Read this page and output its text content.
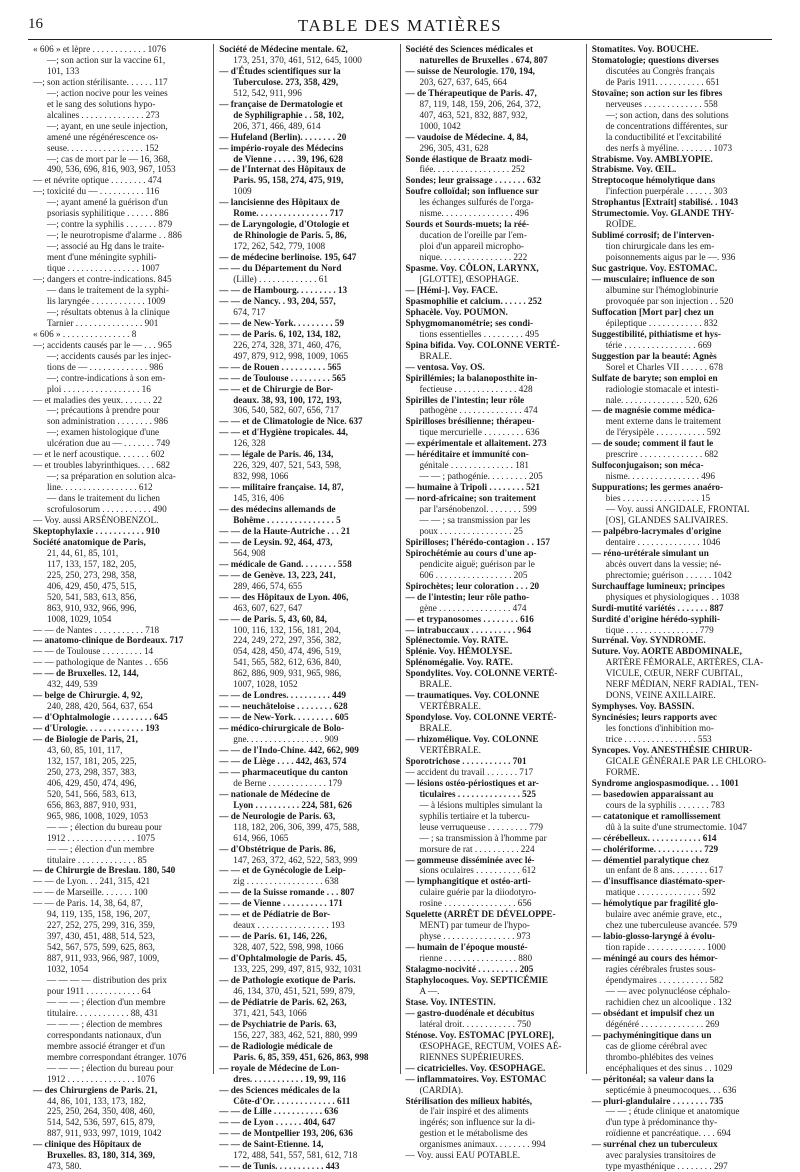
16	TABLE DES MATIÈRES
« 606 » et lèpre . . . . . . . . . . . . 1076
—; son action sur la vaccine 61,
101, 133
—; son action stérilisante. . . . . . 117
—; action nocive pour les veines
et le sang des solutions hypo-
alcalines . . . . . . . . . . . . . . 273
—; ayant, en une seule injection,
amené une régénérescence os-
seuse. . . . . . . . . . . . . . . . . 152
—; cas de mort par le — 16, 368,
490, 536, 696, 816, 903, 967, 1053
— et névrite optique . . . . . . . . 474
—; toxicité du — . . . . . . . . . . 116
—; ayant amené la guérison d'un
psoriasis syphilitique . . . . . . 886
—; contre la syphilis . . . . . . . 879
—; le neurotropisme d'alarme . . 886
—; associé au Hg dans le traite-
ment d'une méningite syphili-
tique . . . . . . . . . . . . . . . . 1007
—; dangers et contre-indications. 845
— dans le traitement de la syphi-
lis laryngée . . . . . . . . . . . . 1009
—; résultats obtenus à la clinique
Tarnier . . . . . . . . . . . . . . . 901
« 606 » . . . . . . . . . . . . . . . 8
—; accidents causés par le — . . . 965
—; accidents causés par les injec-
tions de — . . . . . . . . . . . . . 986
—; contre-indications à son em-
ploi . . . . . . . . . . . . . . . . . 16
— et maladies des yeux. . . . . . . 22
—; précautions à prendre pour
son administration . . . . . . . . 986
—; examen histologique d'une
ulcération due au — . . . . . . . 749
— et le nerf acoustique. . . . . . . 602
— et troubles labyrinthiques. . . . 682
—; sa préparation en solution alca-
line. . . . . . . . . . . . . . . . . 612
— dans le traitement du lichen
scrofulosorum . . . . . . . . . . . 490
— Voy. aussi ARSÉNOBENZOL.
Skeptophylaxie . . . . . . . . . . . 910
Société anatomique de Paris,
21, 44, 61, 85, 101,
117, 133, 157, 182, 205,
225, 250, 273, 298, 358,
406, 429, 450, 475, 515,
520, 541, 583, 613, 856,
863, 910, 932, 966, 996,
1008, 1029, 1054
— — de Nantes . . . . . . . . . . . 718
— anatomo-clinique de Bordeaux. 717
— — de Toulouse . . . . . . . . . 14
— — pathologique de Nantes . . 656
— — de Bruxelles. 12, 144,
432, 449, 539
— belge de Chirurgie. 4, 92,
240, 288, 420, 564, 637, 654
— d'Ophtalmologie . . . . . . . . . 645
— d'Urologie. . . . . . . . . . . . . 193
— de Biologie de Paris, 21,
43, 60, 85, 101, 117,
132, 157, 181, 205, 225,
250, 273, 298, 357, 383,
406, 429, 450, 474, 496,
520, 541, 566, 583, 613,
656, 863, 887, 910, 931,
965, 986, 1008, 1029, 1053
— — ; élection du bureau pour
1912 . . . . . . . . . . . . . . . 1075
— — ; élection d'un membre
titulaire . . . . . . . . . . . . . 85
— de Chirurgie de Breslau. 180, 540
— — de Lyon. . . 241, 315, 421
— — de Marseille. . . . . . . 100
— — de Paris. 14, 38, 64, 87,
94, 119, 135, 158, 196, 207,
227, 252, 275, 299, 316, 359,
397, 430, 451, 488, 514, 523,
542, 567, 575, 599, 625, 863,
887, 911, 933, 966, 987, 1009,
1032, 1054
— — — — distribution des prix
pour 1911 . . . . . . . . . . . . 64
— — — ; élection d'un membre
titulaire. . . . . . . . . . . . 88, 431
— — — ; élection de membres
correspondants nationaux, d'un
membre associé étranger et d'un
membre correspondant étranger. 1076
— — — ; élection du bureau pour
1912 . . . . . . . . . . . . . . . 1076
— des Chirurgiens de Paris. 21,
44, 86, 101, 133, 173, 182,
225, 250, 264, 350, 408, 460,
514, 542, 536, 597, 615, 879,
887, 911, 933, 997, 1019, 1042
— clinique des Hôpitaux de
Bruxelles. 83, 180, 314, 369,
473, 580.
Société de Médecine mentale. 62,
173, 251, 370, 461, 512, 645, 1000
— d'Études scientifiques sur la
Tuberculose. 273, 358, 429,
512, 542, 911, 996
— française de Dermatologie et
de Syphiligraphie . . 58, 102,
206, 371, 466, 489, 614
— Hufeland (Berlin). . . . . . . . 20
— império-royale des Médecins
de Vienne . . . . . 39, 196, 628
— de l'Internat des Hôpitaux de
Paris. 95, 158, 274, 475, 919,
1009
— lancisienne des Hôpitaux de
Rome. . . . . . . . . . . . . . . . 717
— de Laryngologie, d'Otologie et
de Rhinologie de Paris. 5, 86,
172, 262, 542, 779, 1008
— de médecine berlinoise. 195, 647
— — du Département du Nord
(Lille) . . . . . . . . . . . . . 61
— — de Hambourg. . . . . . . . . 13
— — de Nancy. . 93, 204, 557,
674, 717
— — de New-York. . . . . . . . . 59
— — de Paris. 6, 102, 134, 182,
226, 274, 328, 371, 460, 476,
497, 879, 912, 998, 1009, 1065
— — de Rouen . . . . . . . . . . 565
— — de Toulouse . . . . . . . . . 565
— — et de Chirurgie de Bor-
deaux. 38, 93, 100, 172, 193,
306, 540, 582, 607, 656, 717
— — et de Climatologie de Nice. 637
— — et d'Hygiène tropicales. 44,
126, 328
— — légale de Paris. 46, 134,
226, 329, 407, 521, 543, 598,
832, 998, 1066
— — militaire française. 14, 87,
145, 316, 406
— des médecins allemands de
Bohême . . . . . . . . . . . . . . . 5
— — de la Haute-Autriche . . . 21
— — de Leysin. 92, 464, 473,
564, 908
— médicale de Gand. . . . . . . . 558
— — de Genève. 13, 223, 241,
289, 466, 574, 655
— — des Hôpitaux de Lyon. 406,
463, 607, 627, 647
— — de Paris. 5, 43, 60, 84,
100, 116, 132, 156, 181, 204,
224, 249, 272, 297, 356, 382,
054, 428, 450, 474, 496, 519,
541, 565, 582, 612, 636, 840,
862, 886, 909, 931, 965, 986,
1007, 1028, 1052
— — de Londres. . . . . . . . . . 449
— — neuchâteloise . . . . . . . . 628
— — de New-York. . . . . . . . . 605
— médico-chirurgicale de Bolo-
gne. . . . . . . . . . . . . . . . . 909
— — de l'Indo-Chine. 442, 662, 909
— — de Liège . . . . 442, 463, 574
— — pharmaceutique du canton
de Berne . . . . . . . . . . . . . 179
— nationale de Médecine de
Lyon . . . . . . . . . . 224, 581, 626
— de Neurologie de Paris. 63,
118, 182, 206, 306, 399, 475, 588,
614, 966, 1065
— d'Obstétrique de Paris. 86,
147, 263, 372, 462, 522, 583, 999
— — et de Gynécologie de Leip-
zig . . . . . . . . . . . . . . . . . 638
— — de la Suisse romande . . . 807
— — de Vienne . . . . . . . . . . 171
— — et de Pédiatrie de Bor-
deaux . . . . . . . . . . . . . . . . 193
— — de Paris. 61, 146, 226,
328, 407, 522, 598, 998, 1066
— d'Ophtalmologie de Paris. 45,
133, 225, 299, 497, 815, 932, 1031
— de Pathologie exotique de Paris.
46, 134, 370, 451, 521, 599, 879,
— de Pédiatrie de Paris. 62, 263,
371, 421, 543, 1066
— de Psychiatrie de Paris. 63,
156, 227, 383, 462, 521, 880, 999
— de Radiologie médicale de
Paris. 6, 85, 359, 451, 626, 863, 998
— royale de Médecine de Lon-
dres. . . . . . . . . . . . 19, 99, 116
— des Sciences médicales de la
Côte-d'Or. . . . . . . . . . . . . . 611
— — de Lille . . . . . . . . . . . 636
— — de Lyon . . . . . . 404, 647
— — de Montpellier 193, 206, 636
— — de Saint-Etienne. 14,
172, 488, 541, 557, 581, 612, 718
— — de Tunis. . . . . . . . . . . 443
Société des Sciences médicales et
naturelles de Bruxelles . 674, 807
— suisse de Neurologie. 170, 194,
203, 627, 637, 645, 664
— de Thérapeutique de Paris. 47,
87, 119, 148, 159, 206, 264, 372,
407, 463, 521, 832, 887, 932,
1000, 1042
— vaudoise de Médecine. 4, 84,
296, 305, 431, 628
Sonde élastique de Braatz modi-
fiée. . . . . . . . . . . . . . . . . 252
Sondes; leur graissage . . . . . . . 632
Soufre colloïdal; son influence sur
les échanges sulfurés de l'orga-
nisme. . . . . . . . . . . . . . . . 496
Sourds et Sourds-muets; la réé-
ducation de l'oreille par l'em-
ploi d'un appareil micropho-
nique. . . . . . . . . . . . . . . . 222
Spasme. Voy. CÔLON, LARYNX,
[GLOTTE], ŒSOPHAGE.
— [Hémi-]. Voy. FACE.
Spasmophilie et calcium. . . . . . 252
Sphacèle. Voy. POUMON.
Sphygmomanométrie; ses condi-
tions essentielles . . . . . . . . . 495
Spina bifida. Voy. COLONNE VERTÉ-
BRALE.
— ventosa. Voy. OS.
Spirillémies; la balanoposthite in-
fectieuse . . . . . . . . . . . . . . 428
Spirilles de l'intestin; leur rôle
pathogène . . . . . . . . . . . . . . 474
Spirilloses brésilienne; thérapeu-
tique mercurielle . . . . . . . . . 636
— expérimentale et allaitement. 273
— héréditaire et immunité con-
génitale . . . . . . . . . . . . . . 181
— — ; pathogénie. . . . . . . . . 205
— humaine à Tripoli . . . . . . . . 521
— nord-africaine; son traitement
par l'arsénobenzol. . . . . . . . 599
— — ; sa transmission par les
poux . . . . . . . . . . . . . . . . 25
Spirilloses; l'hérédo-contagion . . 157
Spirochétémie au cours d'une ap-
pendicite aiguë; guérison par le
606 . . . . . . . . . . . . . . . . . 205
Spirochètes; leur coloration . . . 20
— de l'intestin; leur rôle patho-
gène . . . . . . . . . . . . . . . . 474
— et trypanosomes . . . . . . . . 616
— intrabuccaux . . . . . . . . . . 964
Splénectomie. Voy. RATE.
Splénie. Voy. HÉMOLYSE.
Splénomégalie. Voy. RATE.
Spondylites. Voy. COLONNE VERTÉ-
BRALE.
— traumatiques. Voy. COLONNE
VERTÉBRALE.
Spondylose. Voy. COLONNE VERTÉ-
BRALE.
— rhizomélique. Voy. COLONNE
VERTÉBRALE.
Sporotrichose . . . . . . . . . . . 701
— accident du travail . . . . . . . 717
— lésions ostéo-périostiques et ar-
ticulaires . . . . . . . . . . . . . . 525
— à lésions multiples simulant la
syphilis tertiaire et la tubercu-
leuse verruqueuse . . . . . . . . . 779
— ; sa transmission à l'homme par
morsure de rat . . . . . . . . . . 224
— gommeuse disséminée avec lé-
sions oculaires . . . . . . . . . . 612
— lymphangitique et ostéo-arti-
culaire guérie par la diiodotyro-
rosine . . . . . . . . . . . . . . . . 656
Squelette (ARRÊT DE DÉVELOPPE-
MENT) par tumeur de l'hypo-
physe . . . . . . . . . . . . . . . . 973
— humain de l'époque mousté-
rienne . . . . . . . . . . . . . . . . 880
Stalagmo-nocivité . . . . . . . . . 205
Staphylocoques. Voy. SEPTICÉMIE
A —.
Stase. Voy. INTESTIN.
— gastro-duodénale et décubitus
latéral droit. . . . . . . . . . . . 750
Sténose. Voy. ESTOMAC [PYLORE],
ŒSOPHAGE, RECTUM, VOIES AÉ-
RIENNES SUPÉRIEURES.
— cicatricielles. Voy. ŒSOPHAGE.
— inflammatoires. Voy. ESTOMAC
(CARDIA).
Stérilisation des milieux habités,
de l'air inspiré et des aliments
ingérés; son influence sur la di-
gestion et le métabolisme des
organismes animaux. . . . . . . . 994
— Voy. aussi EAU POTABLE.
Stomatites. Voy. BOUCHE.
Stomatologie; questions diverses
discutées au Congrès français
de Paris 1911. . . . . . . . . . . 651
Stovaïne; son action sur les fibres
nerveuses . . . . . . . . . . . . . 558
—; son action, dans des solutions
de concentrations différentes, sur
la conductibilité et l'excitabilité
des nerfs à myéline. . . . . . . . 1073
Strabisme. Voy. AMBLYOPIE.
Strabisme. Voy. ŒIL.
Streptocoque hémolytique dans
l'infection puerpérale . . . . . . 303
Strophantus [Extrait] stabilisé. . 1043
Strumectomie. Voy. GLANDE THY-
ROÏDE.
Sublimé corrosif; de l'interven-
tion chirurgicale dans les em-
poisonnements aigus par le —. 936
Suc gastrique. Voy. ESTOMAC.
— musculaire; influence de son
albumine sur l'hémoglobinurie
provoquée par son injection . . 520
Suffocation [Mort par] chez un
épileptique . . . . . . . . . . . . 832
Suggestibilité, pithiatisme et hys-
térie . . . . . . . . . . . . . . . . 669
Suggestion par la beauté: Agnès
Sorel et Charles VII . . . . . . 678
Sulfate de baryte; son emploi en
radiologie stomacale et intesti-
nale. . . . . . . . . . . . . . 520, 626
— de magnésie comme médica-
ment externe dans le traitement
de l'érysipèle . . . . . . . . . . . 592
— de soude; comment il faut le
prescrire . . . . . . . . . . . . . . 682
Sulfoconjugaison; son méca-
nisme. . . . . . . . . . . . . . . . 496
Suppurations; les germes anaéro-
bies . . . . . . . . . . . . . . . . . 15
— Voy. aussi ANGIDALE, FRONTAL
[OS], GLANDES SALIVAIRES.
— palpébro-lacrymales d'origine
dentaire . . . . . . . . . . . . . . 1046
— réno-urétérale simulant un
abcès ouvert dans la vessie; né-
phrectomie; guérison . . . . . . 1042
Surchauffage lumineux; principes
physiques et physiologiques . . 1038
Surdi-mutité variétés . . . . . . . 887
Surdité d'origine hérédo-syphili-
tique . . . . . . . . . . . . . . . . 779
Surrénal. Voy. SYNDROME.
Suture. Voy. AORTE ABDOMINALE,
ARTÈRE FÉMORALE, ARTÈRES, CLA-
VICULE, CŒUR, NERF CUBITAL,
NERF MÉDIAN, NERF RADIAL, TEN-
DONS, VEINE AXILLAIRE.
Symphyses. Voy. BASSIN.
Syncinésies; leurs rapports avec
les fonctions d'inhibition mo-
trice . . . . . . . . . . . . . . . . 553
Syncopes. Voy. ANESTHÉSIE CHIRUR-
GICALE GÉNÉRALE PAR LE CHLORO-
FORME.
Syndrome angiospasmodique. . . 1001
— basedowien apparaissant au
cours de la syphilis . . . . . . . 783
— catatonique et ramollissement
dû à la suite d'une strumectomie. 1047
— cérébelleux. . . . . . . . . . . . 614
— cholériforme. . . . . . . . . . . 729
— démentiel paralytique chez
un enfant de 8 ans. . . . . . . . 617
— d'insuffisance diastémato-sper-
matique . . . . . . . . . . . . . . 592
— hémolytique par fragilité glo-
bulaire avec anémie grave, etc.,
chez une tuberculeuse avancée. 579
— labio-glosso-laryngé à évolu-
tion rapide . . . . . . . . . . . . . 1000
— méningé au cours des hémor-
ragies cérébrales frustes sous-
épendymaires . . . . . . . . . . . 582
— — avec polynucléose céphalo-
rachidien chez un alcoolique . 132
— obsédant et impulsif chez un
dégénéré . . . . . . . . . . . . . . 269
— pachyméningitique dans un
cas de gliome cérébral avec
thrombo-phlébites des veines
encéphaliques et des sinus . . 1029
— péritonéal; sa valeur dans la
septicémie à pneumocoques. . . 636
— pluri-glandulaire . . . . . . . . 735
— — ; étude clinique et anatomique
d'un type à prédominance thy-
roïdienne et pancréatique. . . . 694
— surrénal chez un tuberculeux
avec paralysies transitoires de
type myasthénique . . . . . . . . 297
